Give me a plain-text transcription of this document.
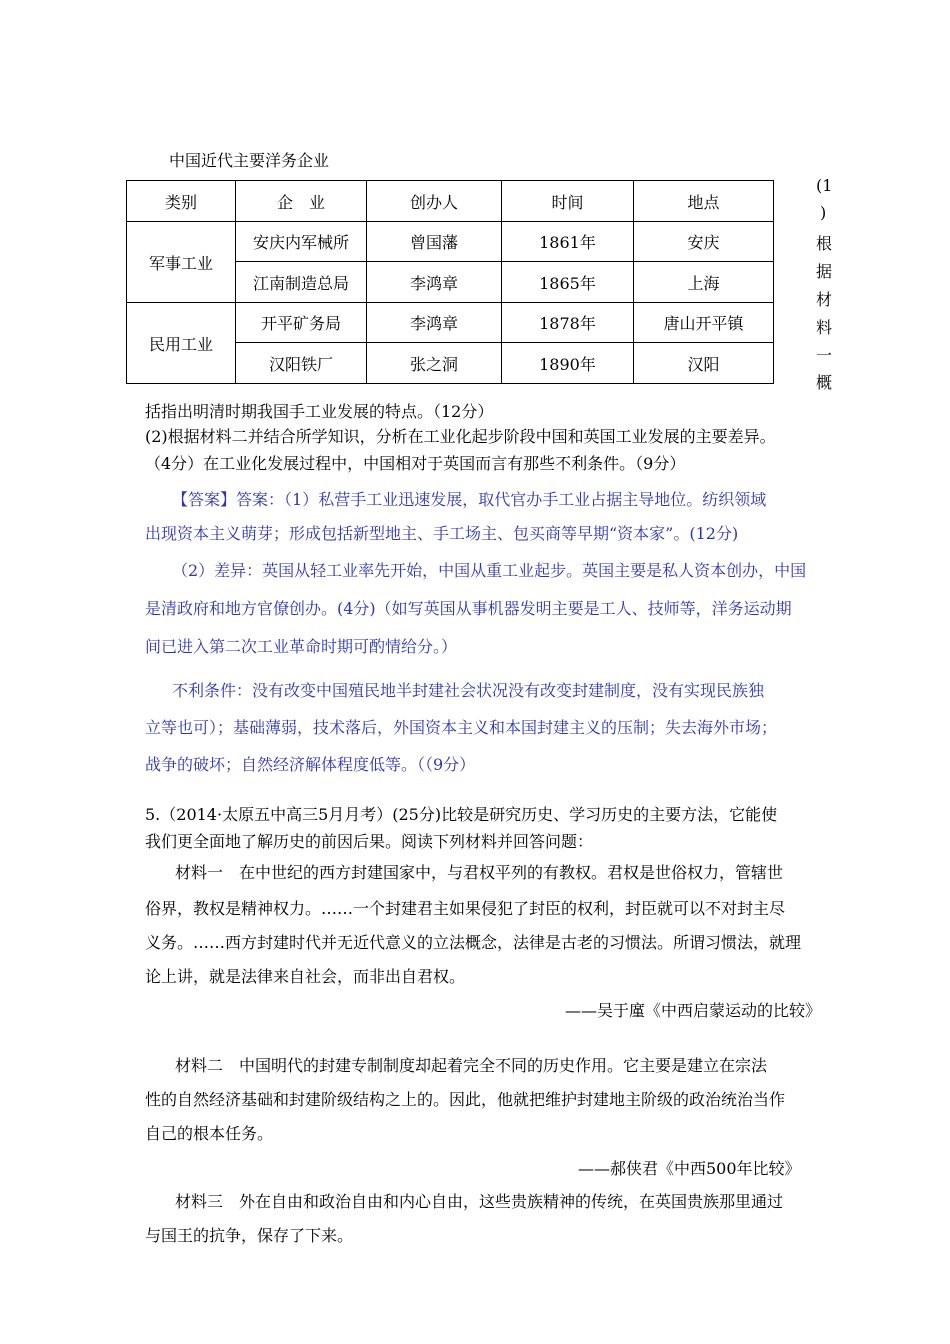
中国近代主要洋务企业
类别	企　业	创办人	时间	地点
军事工业	安庆内军械所	曾国藩	1861年	安庆
	江南制造总局	李鸿章	1865年	上海
民用工业	开平矿务局	李鸿章	1878年	唐山开平镇
	汉阳铁厂	张之洞	1890年	汉阳
(1
)
根
据
材
料
一
概
括指出明清时期我国手工业发展的特点。（12分）
(2)根据材料二并结合所学知识，分析在工业化起步阶段中国和英国工业发展的主要差异。
（4分）在工业化发展过程中，中国相对于英国而言有那些不利条件。（9分）
【答案】答案：（1）私营手工业迅速发展，取代官办手工业占据主导地位。纺织领域
出现资本主义萌芽；形成包括新型地主、手工场主、包买商等早期“资本家”。(12分)
（2）差异：英国从轻工业率先开始，中国从重工业起步。英国主要是私人资本创办，中国
是清政府和地方官僚创办。(4分)（如写英国从事机器发明主要是工人、技师等，洋务运动期
间已进入第二次工业革命时期可酌情给分。）
不利条件：没有改变中国殖民地半封建社会状况没有改变封建制度，没有实现民族独
立等也可）；基础薄弱，技术落后，外国资本主义和本国封建主义的压制；失去海外市场；
战争的破坏；自然经济解体程度低等。（（9分）
5.（2014·太原五中高三5月月考）(25分)比较是研究历史、学习历史的主要方法，它能使
我们更全面地了解历史的前因后果。阅读下列材料并回答问题：
材料一　在中世纪的西方封建国家中，与君权平列的有教权。君权是世俗权力，管辖世
俗界，教权是精神权力。……一个封建君主如果侵犯了封臣的权利，封臣就可以不对封主尽
义务。……西方封建时代并无近代意义的立法概念，法律是古老的习惯法。所谓习惯法，就理
论上讲，就是法律来自社会，而非出自君权。
——吴于廑《中西启蒙运动的比较》
材料二　中国明代的封建专制制度却起着完全不同的历史作用。它主要是建立在宗法
性的自然经济基础和封建阶级结构之上的。因此，他就把维护封建地主阶级的政治统治当作
自己的根本任务。
——郝侠君《中西500年比较》
材料三　外在自由和政治自由和内心自由，这些贵族精神的传统，在英国贵族那里通过
与国王的抗争，保存了下来。
